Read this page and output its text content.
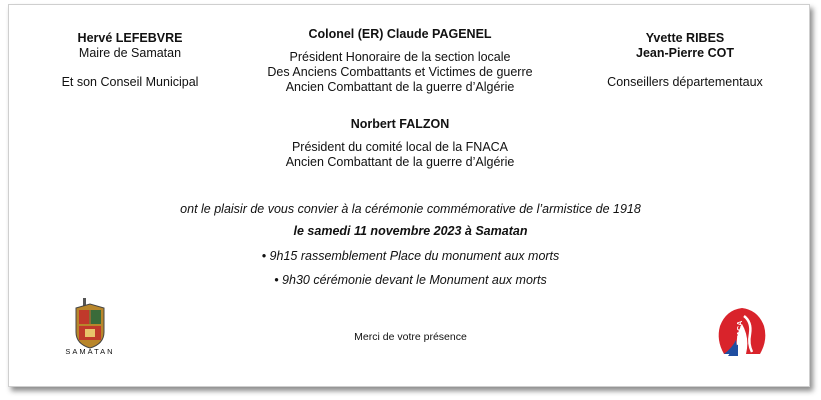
Hervé LEFEBVRE
Maire de Samatan
Et son Conseil Municipal
Colonel (ER) Claude PAGENEL
Président Honoraire de la section locale
Des Anciens Combattants et Victimes de guerre
Ancien Combattant de la guerre d’Algérie
Yvette RIBES
Jean-Pierre COT
Conseillers départementaux
Norbert FALZON
Président du comité local de la FNACA
Ancien Combattant de la guerre d’Algérie
ont le plaisir de vous convier à la cérémonie commémorative de l’armistice de 1918
le samedi 11 novembre 2023 à Samatan
• 9h15 rassemblement Place du monument aux morts
• 9h30 cérémonie devant le Monument aux morts
Merci de votre présence
SAMATAN
FNACA
